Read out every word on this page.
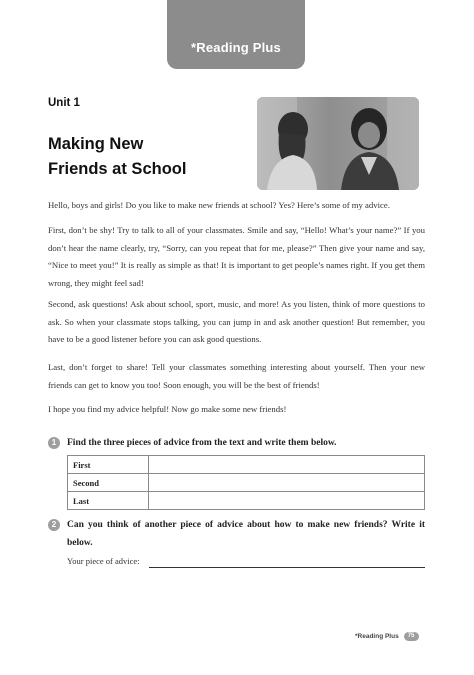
*Reading Plus
Unit 1
Making New
Friends at School

Hello, boys and girls! Do you like to make new friends at school? Yes? Here’s some of my advice.

First, don’t be shy! Try to talk to all of your classmates. Smile and say, “Hello! What’s your name?” If you don’t hear the name clearly, try, “Sorry, can you repeat that for me, please?” Then give your name and say, “Nice to meet you!” It is really as simple as that! It is important to get people’s names right. If you get them wrong, they might feel sad!

Second, ask questions! Ask about school, sport, music, and more! As you listen, think of more questions to ask. So when your classmate stops talking, you can jump in and ask another question! But remember, you have to be a good listener before you can ask good questions.

Last, don’t forget to share! Tell your classmates something interesting about yourself. Then your new friends can get to know you too! Soon enough, you will be the best of friends!

I hope you find my advice helpful! Now go make some new friends!

1	Find the three pieces of advice from the text and write them below.
First	
Second	
Last	
2	Can you think of another piece of advice about how to make new friends? Write it below.
Your piece of advice:
*Reading Plus 75
